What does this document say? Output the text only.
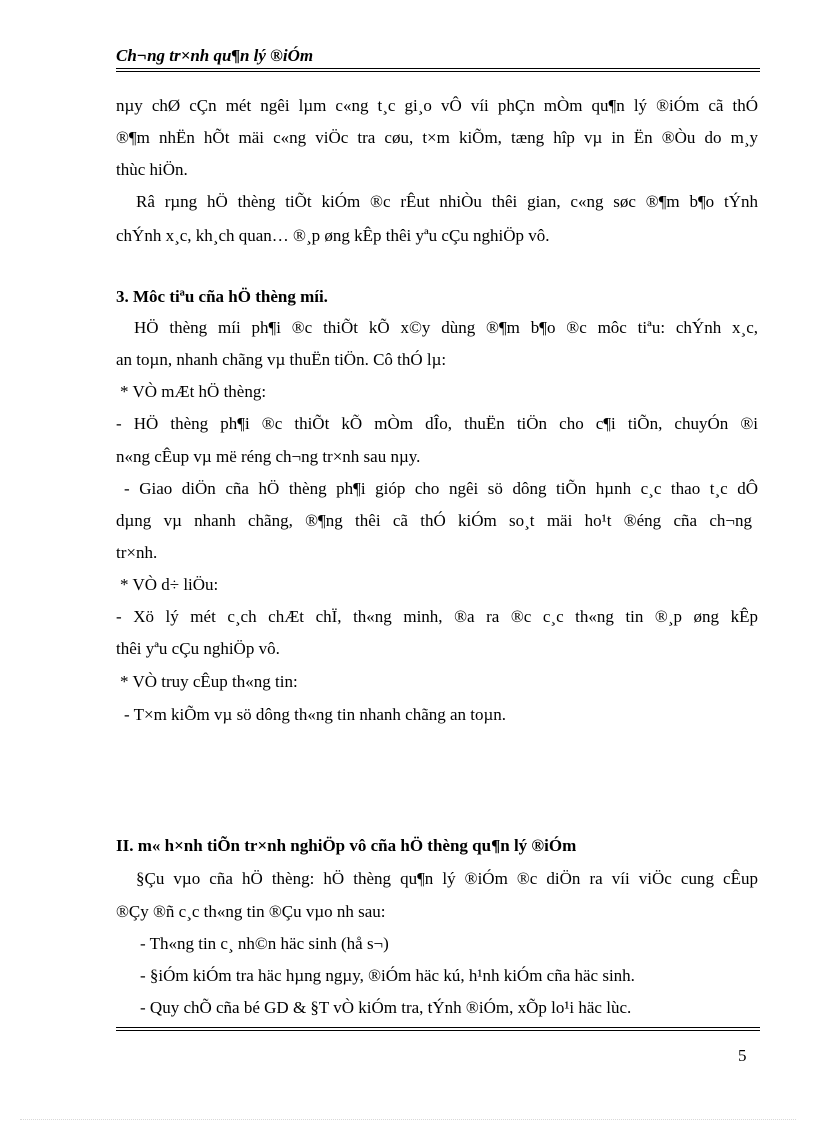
Ch¬ng tr×nh qu¶n lý ®iÓm
nµy chØ cÇn mét ngêi lµm c«ng t¸c gi¸o vÔ víi phÇn mÒm qu¶n lý ®iÓm cã thÓ
®¶m nhËn hÕt mäi c«ng viÖc tra cøu, t×m kiÕm, tæng hîp vµ in Ën ®Òu do m¸y
thùc hiÖn.
Râ rµng hÖ thèng tiÕt kiÓm ®c rÊut nhiÒu thêi gian, c«ng søc ®¶m b¶o tÝnh
chÝnh x¸c, kh¸ch quan… ®¸p øng kÊp thêi yªu cÇu nghiÖp vô.
3. Môc tiªu cña hÖ thèng míi.
HÖ thèng míi ph¶i ®c thiÕt kÕ x©y dùng ®¶m b¶o ®c môc tiªu: chÝnh x¸c,
an toµn, nhanh chãng vµ thuËn tiÖn. Cô thÓ lµ:
* VÒ mÆt hÖ thèng:
- HÖ thèng ph¶i ®c thiÕt kÕ mÒm dÎo, thuËn tiÖn cho c¶i tiÕn, chuyÓn ®i
n«ng cÊup vµ më réng ch¬ng tr×nh sau nµy.
- Giao diÖn cña hÖ thèng ph¶i gióp cho ngêi sö dông tiÕn hµnh c¸c thao t¸c dÔ
dµng vµ nhanh chãng, ®¶ng thêi cã thÓ kiÓm so¸t mäi ho¹t ®éng cña ch¬ng
tr×nh.
* VÒ d÷ liÖu:
- Xö lý mét c¸ch chÆt chÏ, th«ng minh, ®a ra ®c c¸c th«ng tin ®¸p øng kÊp
thêi yªu cÇu nghiÖp vô.
* VÒ truy cÊup th«ng tin:
- T×m kiÕm vµ sö dông th«ng tin nhanh chãng an toµn.
II. m« h×nh tiÕn tr×nh nghiÖp vô cña hÖ thèng qu¶n lý ®iÓm
§Çu vµo cña hÖ thèng: hÖ thèng qu¶n lý ®iÓm ®c diÖn ra víi viÖc cung cÊup
®Çy ®ñ c¸c th«ng tin ®Çu vµo nh sau:
- Th«ng tin c¸ nh©n häc sinh (hå s¬)
- §iÓm kiÓm tra häc hµng ngµy, ®iÓm häc kú, h¹nh kiÓm cña häc sinh.
- Quy chÕ cña bé GD & §T vÒ kiÓm tra, tÝnh ®iÓm, xÕp lo¹i häc lùc.
5
